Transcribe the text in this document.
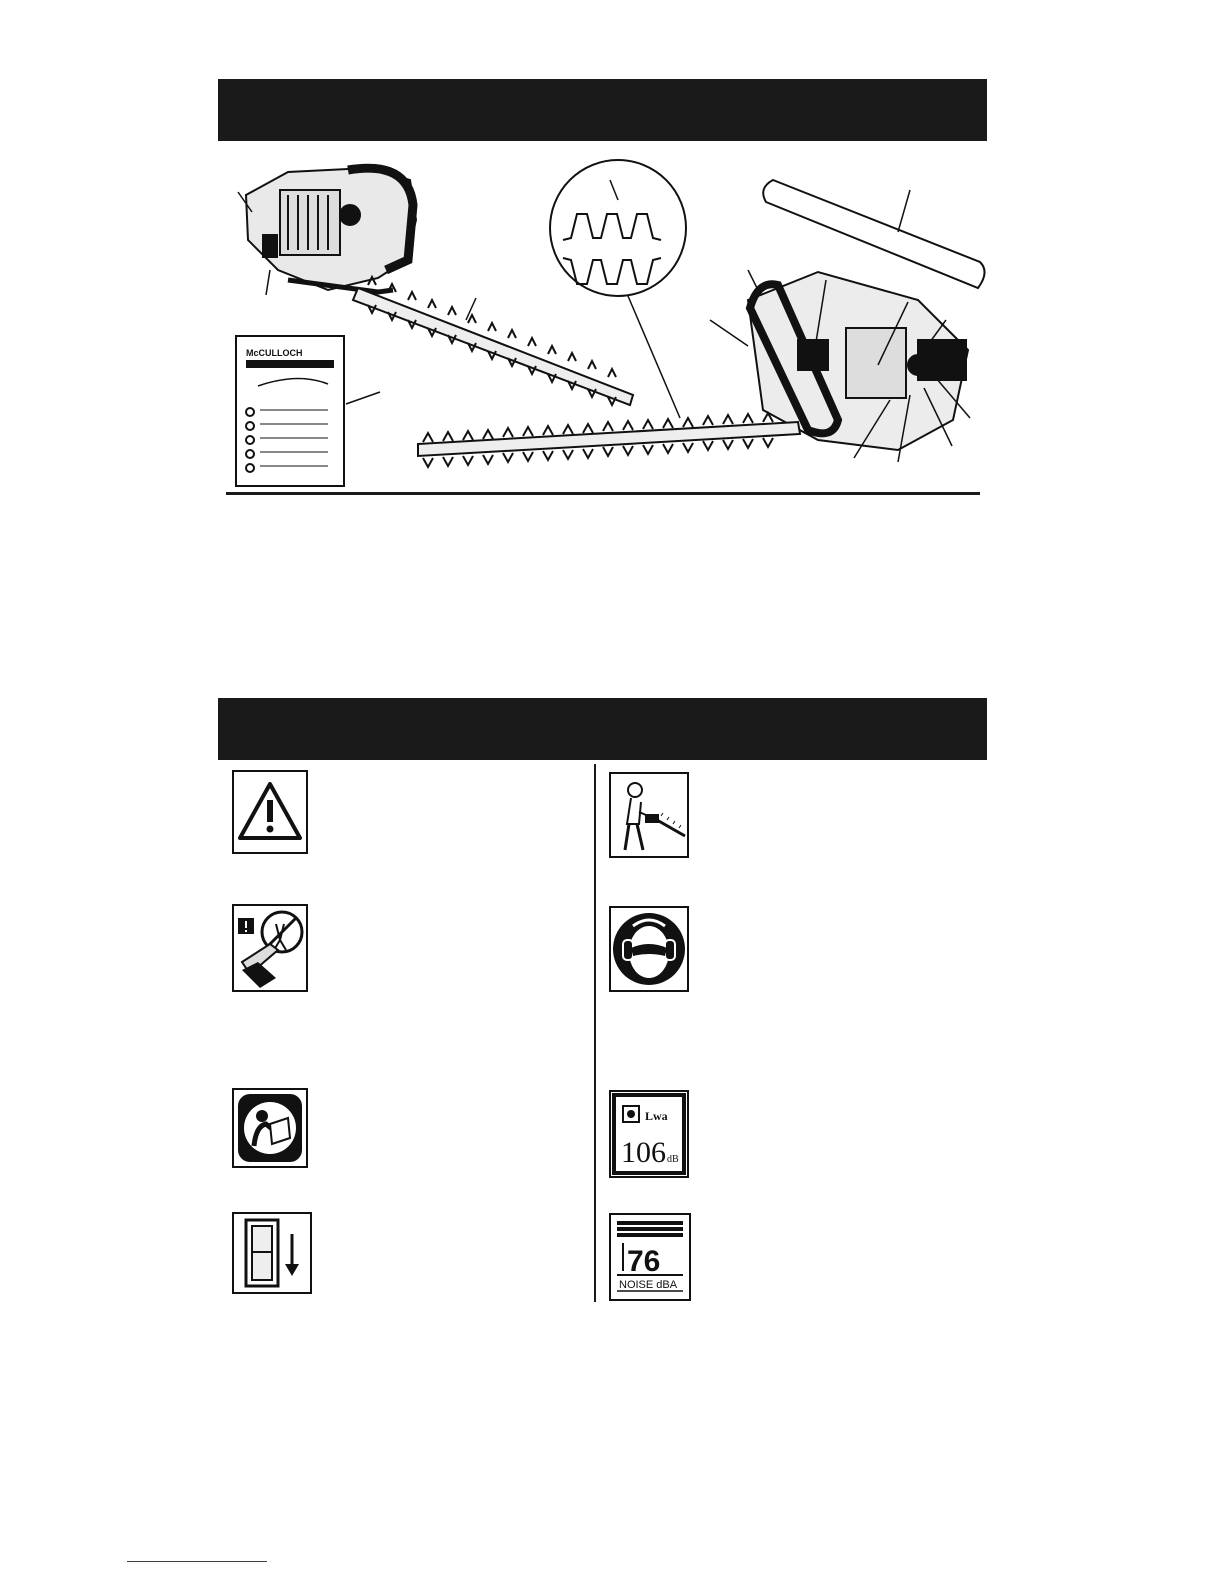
McCULLOCH
Lwa
106 dB
76
NOISE dBA
